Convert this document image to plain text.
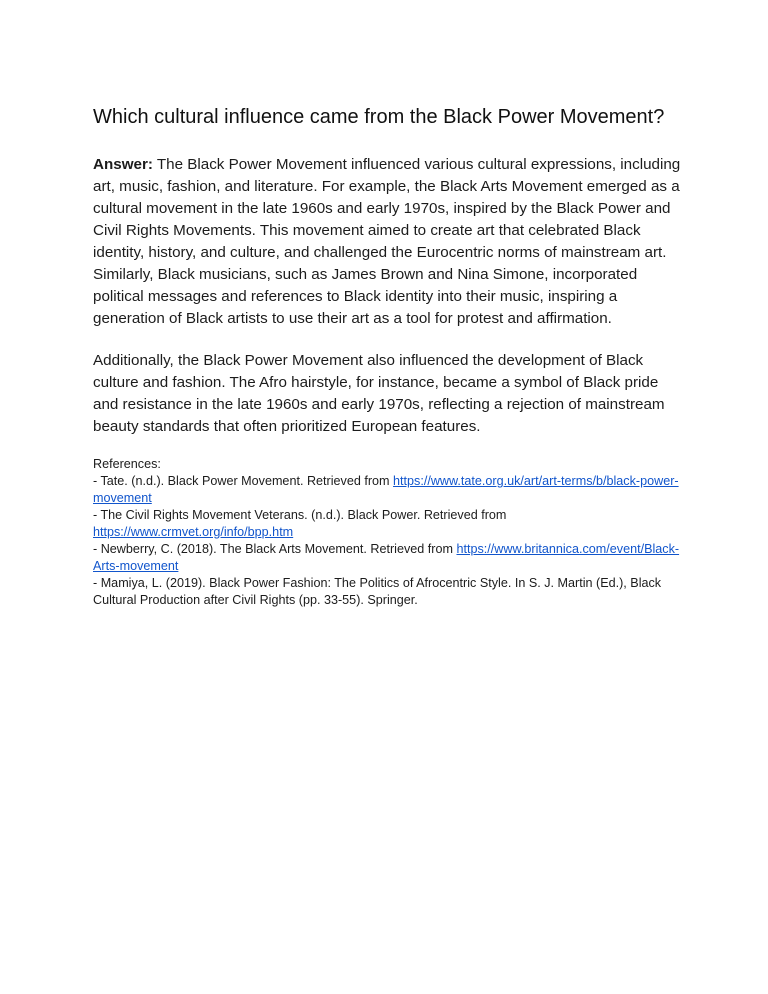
Which cultural influence came from the Black Power Movement?

Answer: The Black Power Movement influenced various cultural expressions, including art, music, fashion, and literature. For example, the Black Arts Movement emerged as a cultural movement in the late 1960s and early 1970s, inspired by the Black Power and Civil Rights Movements. This movement aimed to create art that celebrated Black identity, history, and culture, and challenged the Eurocentric norms of mainstream art. Similarly, Black musicians, such as James Brown and Nina Simone, incorporated political messages and references to Black identity into their music, inspiring a generation of Black artists to use their art as a tool for protest and affirmation.

Additionally, the Black Power Movement also influenced the development of Black culture and fashion. The Afro hairstyle, for instance, became a symbol of Black pride and resistance in the late 1960s and early 1970s, reflecting a rejection of mainstream beauty standards that often prioritized European features.

References:
- Tate. (n.d.). Black Power Movement. Retrieved from https://www.tate.org.uk/art/art-terms/b/black-power-movement
- The Civil Rights Movement Veterans. (n.d.). Black Power. Retrieved from https://www.crmvet.org/info/bpp.htm
- Newberry, C. (2018). The Black Arts Movement. Retrieved from https://www.britannica.com/event/Black-Arts-movement
- Mamiya, L. (2019). Black Power Fashion: The Politics of Afrocentric Style. In S. J. Martin (Ed.), Black Cultural Production after Civil Rights (pp. 33-55). Springer.
